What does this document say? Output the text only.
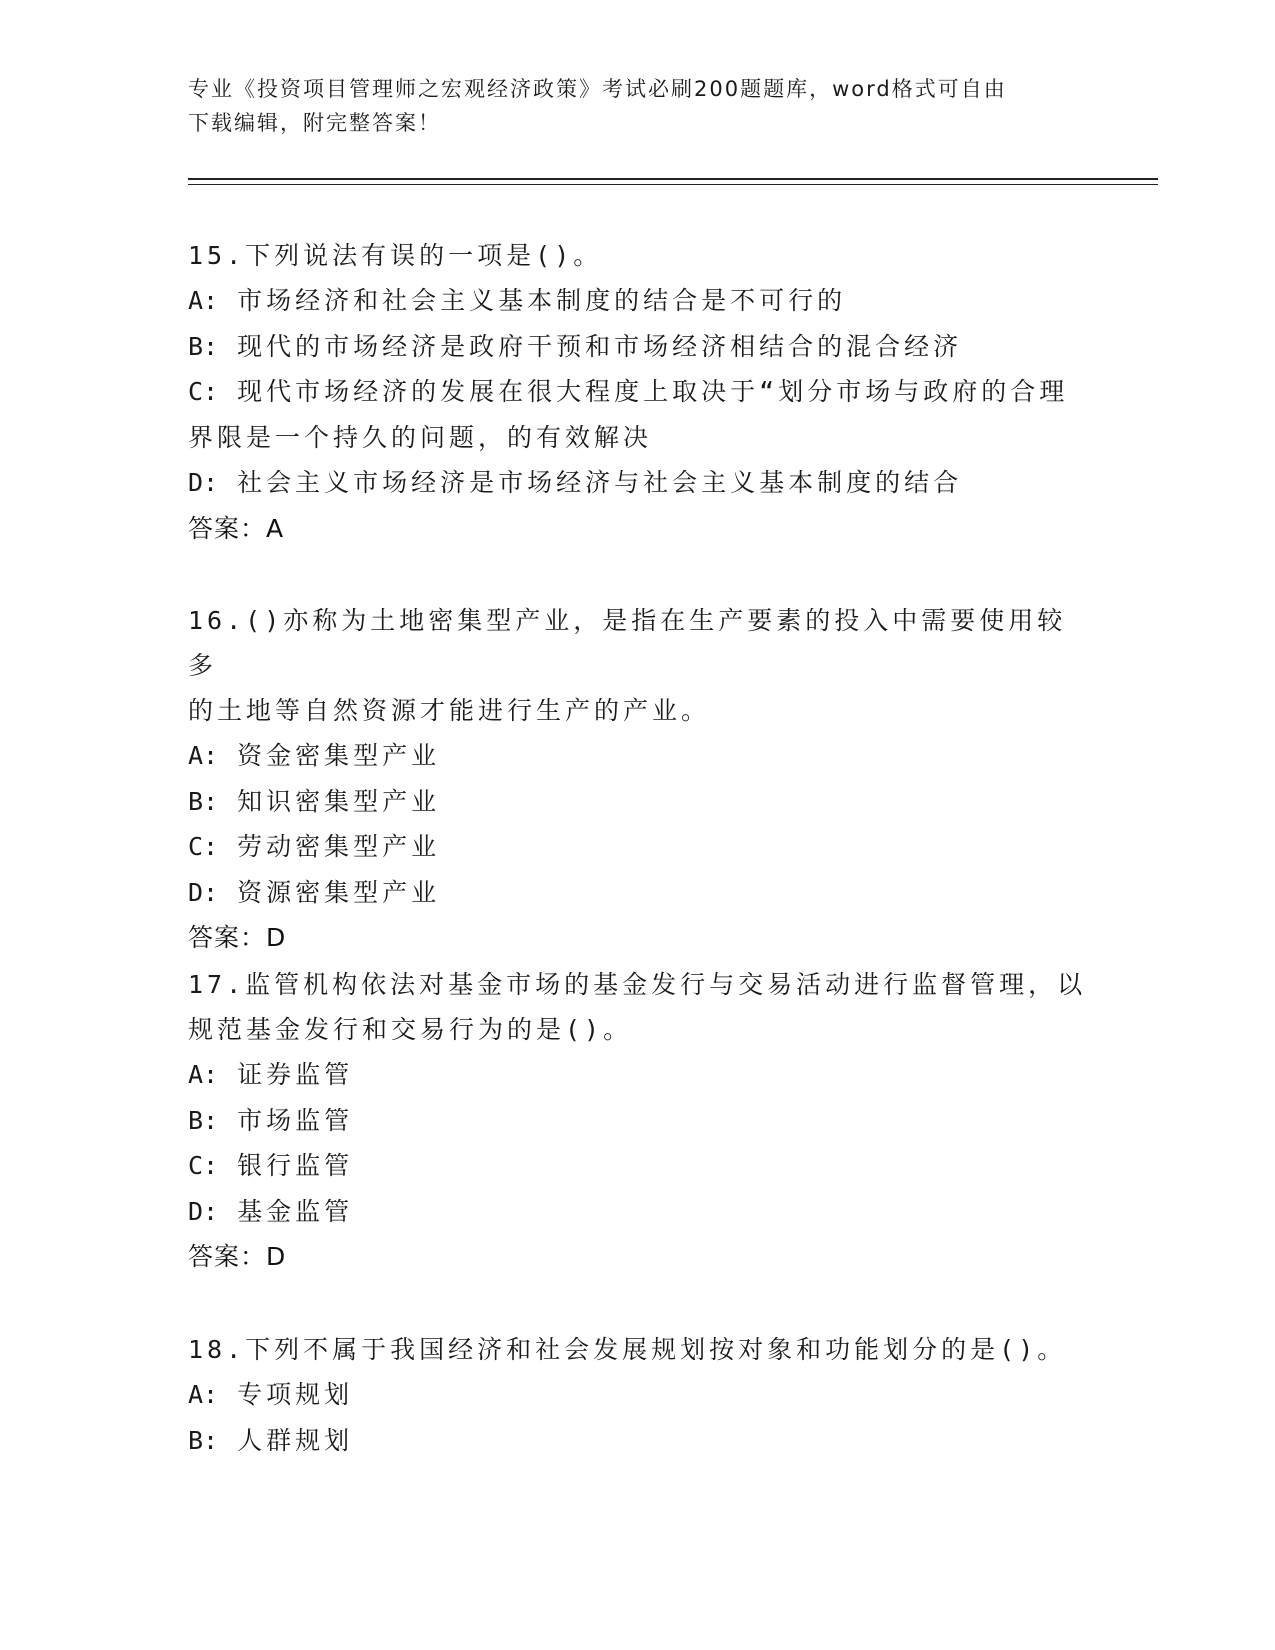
专业《投资项目管理师之宏观经济政策》考试必刷200题题库，word格式可自由
下载编辑，附完整答案！

15.下列说法有误的一项是()。

A: 市场经济和社会主义基本制度的结合是不可行的

B: 现代的市场经济是政府干预和市场经济相结合的混合经济

C: 现代市场经济的发展在很大程度上取决于“划分市场与政府的合理

界限是一个持久的问题，的有效解决

D: 社会主义市场经济是市场经济与社会主义基本制度的结合

答案：A

16.()亦称为土地密集型产业，是指在生产要素的投入中需要使用较多

的土地等自然资源才能进行生产的产业。

A: 资金密集型产业

B: 知识密集型产业

C: 劳动密集型产业

D: 资源密集型产业

答案：D

17.监管机构依法对基金市场的基金发行与交易活动进行监督管理，以

规范基金发行和交易行为的是()。

A: 证券监管

B: 市场监管

C: 银行监管

D: 基金监管

答案：D

18.下列不属于我国经济和社会发展规划按对象和功能划分的是()。

A: 专项规划

B: 人群规划
